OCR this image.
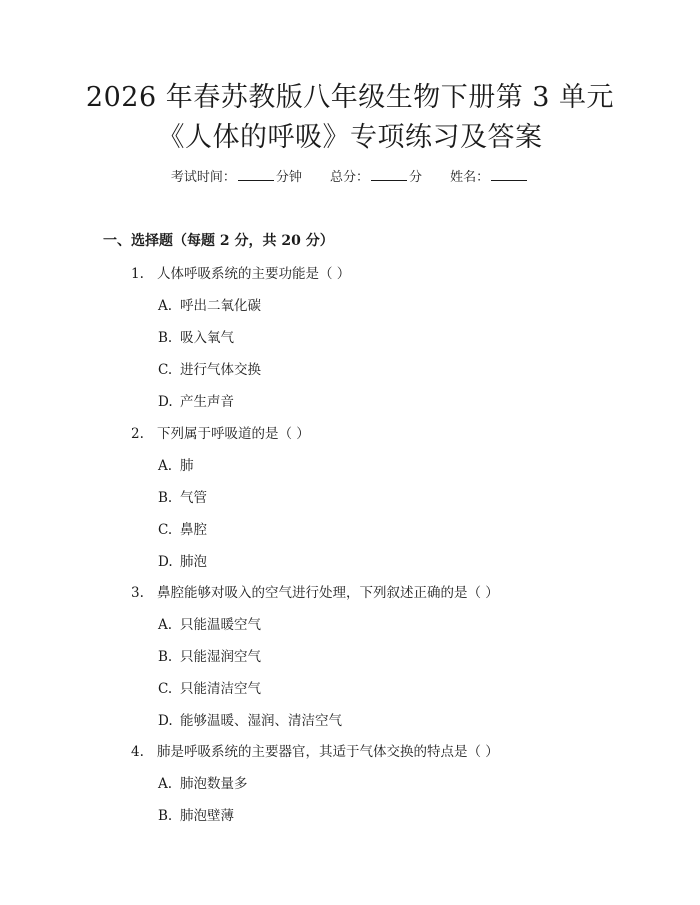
2026 年春苏教版八年级生物下册第 3 单元
《人体的呼吸》专项练习及答案
考试时间：	分钟 总分：	分 姓名：
一、选择题（每题 2 分，共 20 分）
1. 人体呼吸系统的主要功能是（ ）
A. 呼出二氧化碳
B. 吸入氧气
C. 进行气体交换
D. 产生声音
2. 下列属于呼吸道的是（ ）
A. 肺
B. 气管
C. 鼻腔
D. 肺泡
3. 鼻腔能够对吸入的空气进行处理，下列叙述正确的是（ ）
A. 只能温暖空气
B. 只能湿润空气
C. 只能清洁空气
D. 能够温暖、湿润、清洁空气
4. 肺是呼吸系统的主要器官，其适于气体交换的特点是（ ）
A. 肺泡数量多
B. 肺泡壁薄
